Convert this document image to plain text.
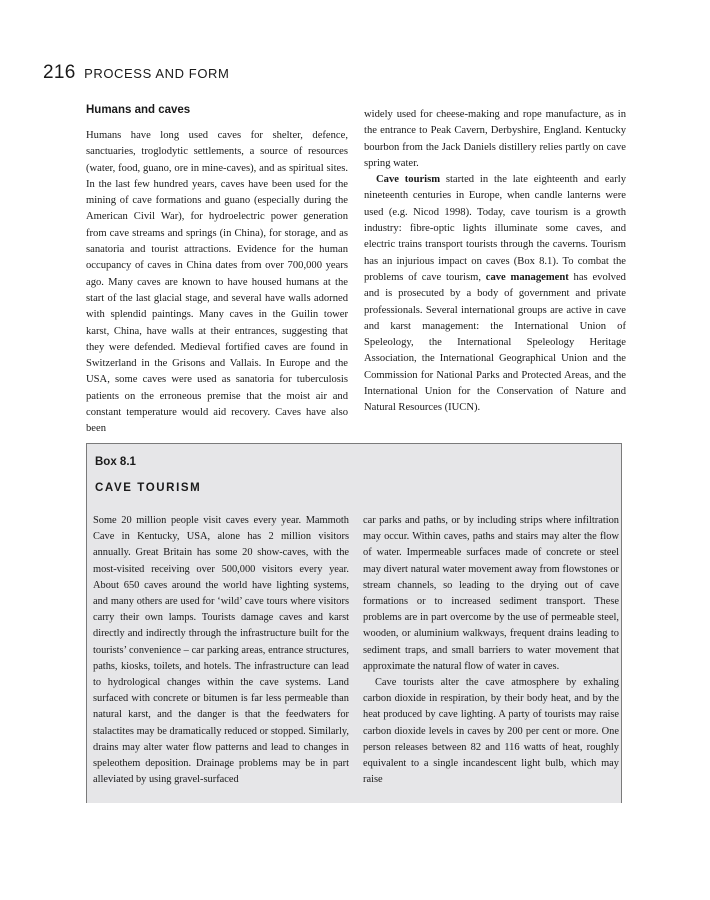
216 PROCESS AND FORM
Humans and caves

Humans have long used caves for shelter, defence, sanctuaries, troglodytic settlements, a source of resources (water, food, guano, ore in mine-caves), and as spiritual sites. In the last few hundred years, caves have been used for the mining of cave formations and guano (especially during the American Civil War), for hydroelectric power generation from cave streams and springs (in China), for storage, and as sanatoria and tourist attractions. Evidence for the human occupancy of caves in China dates from over 700,000 years ago. Many caves are known to have housed humans at the start of the last glacial stage, and several have walls adorned with splendid paintings. Many caves in the Guilin tower karst, China, have walls at their entrances, suggesting that they were defended. Medieval fortified caves are found in Switzerland in the Grisons and Vallais. In Europe and the USA, some caves were used as sanatoria for tuberculosis patients on the erroneous premise that the moist air and constant temperature would aid recovery. Caves have also been

widely used for cheese-making and rope manufacture, as in the entrance to Peak Cavern, Derbyshire, England. Kentucky bourbon from the Jack Daniels distillery relies partly on cave spring water.

Cave tourism started in the late eighteenth and early nineteenth centuries in Europe, when candle lanterns were used (e.g. Nicod 1998). Today, cave tourism is a growth industry: fibre-optic lights illuminate some caves, and electric trains transport tourists through the caverns. Tourism has an injurious impact on caves (Box 8.1). To combat the problems of cave tourism, cave management has evolved and is prosecuted by a body of government and private professionals. Several international groups are active in cave and karst management: the International Union of Speleology, the International Speleology Heritage Association, the International Geographical Union and the Commission for National Parks and Protected Areas, and the International Union for the Conservation of Nature and Natural Resources (IUCN).

Box 8.1
CAVE TOURISM

Some 20 million people visit caves every year. Mammoth Cave in Kentucky, USA, alone has 2 million visitors annually. Great Britain has some 20 show-caves, with the most-visited receiving over 500,000 visitors every year. About 650 caves around the world have lighting systems, and many others are used for ‘wild’ cave tours where visitors carry their own lamps. Tourists damage caves and karst directly and indirectly through the infrastructure built for the tourists’ convenience – car parking areas, entrance structures, paths, kiosks, toilets, and hotels. The infrastructure can lead to hydrological changes within the cave systems. Land surfaced with concrete or bitumen is far less permeable than natural karst, and the danger is that the feedwaters for stalactites may be dramatically reduced or stopped. Similarly, drains may alter water flow patterns and lead to changes in speleothem deposition. Drainage problems may be in part alleviated by using gravel-surfaced

car parks and paths, or by including strips where infiltration may occur. Within caves, paths and stairs may alter the flow of water. Impermeable surfaces made of concrete or steel may divert natural water movement away from flowstones or stream channels, so leading to the drying out of cave formations or to increased sediment transport. These problems are in part overcome by the use of permeable steel, wooden, or aluminium walkways, frequent drains leading to sediment traps, and small barriers to water movement that approximate the natural flow of water in caves.

Cave tourists alter the cave atmosphere by exhaling carbon dioxide in respiration, by their body heat, and by the heat produced by cave lighting. A party of tourists may raise carbon dioxide levels in caves by 200 per cent or more. One person releases between 82 and 116 watts of heat, roughly equivalent to a single incandescent light bulb, which may raise
